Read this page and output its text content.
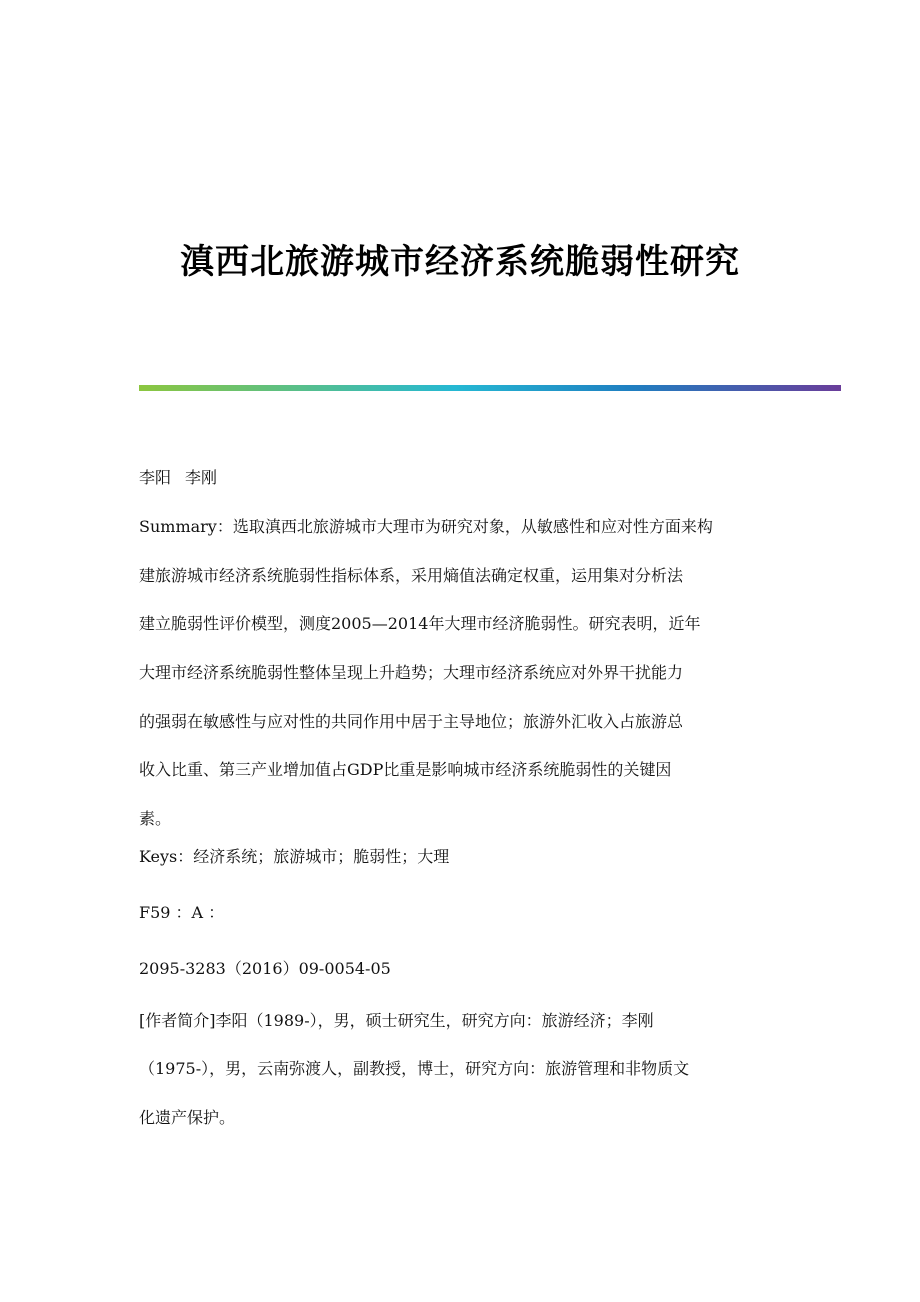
滇西北旅游城市经济系统脆弱性研究

李阳 李刚

Summary：选取滇西北旅游城市大理市为研究对象，从敏感性和应对性方面来构
建旅游城市经济系统脆弱性指标体系，采用熵值法确定权重，运用集对分析法
建立脆弱性评价模型，测度2005—2014年大理市经济脆弱性。研究表明，近年
大理市经济系统脆弱性整体呈现上升趋势；大理市经济系统应对外界干扰能力
的强弱在敏感性与应对性的共同作用中居于主导地位；旅游外汇收入占旅游总
收入比重、第三产业增加值占GDP比重是影响城市经济系统脆弱性的关键因
素。

Keys：经济系统；旅游城市；脆弱性；大理

F59 ：A ：

2095-3283（2016）09-0054-05

[作者简介]李阳（1989-），男，硕士研究生，研究方向：旅游经济；李刚
（1975-），男，云南弥渡人，副教授，博士，研究方向：旅游管理和非物质文
化遗产保护。
